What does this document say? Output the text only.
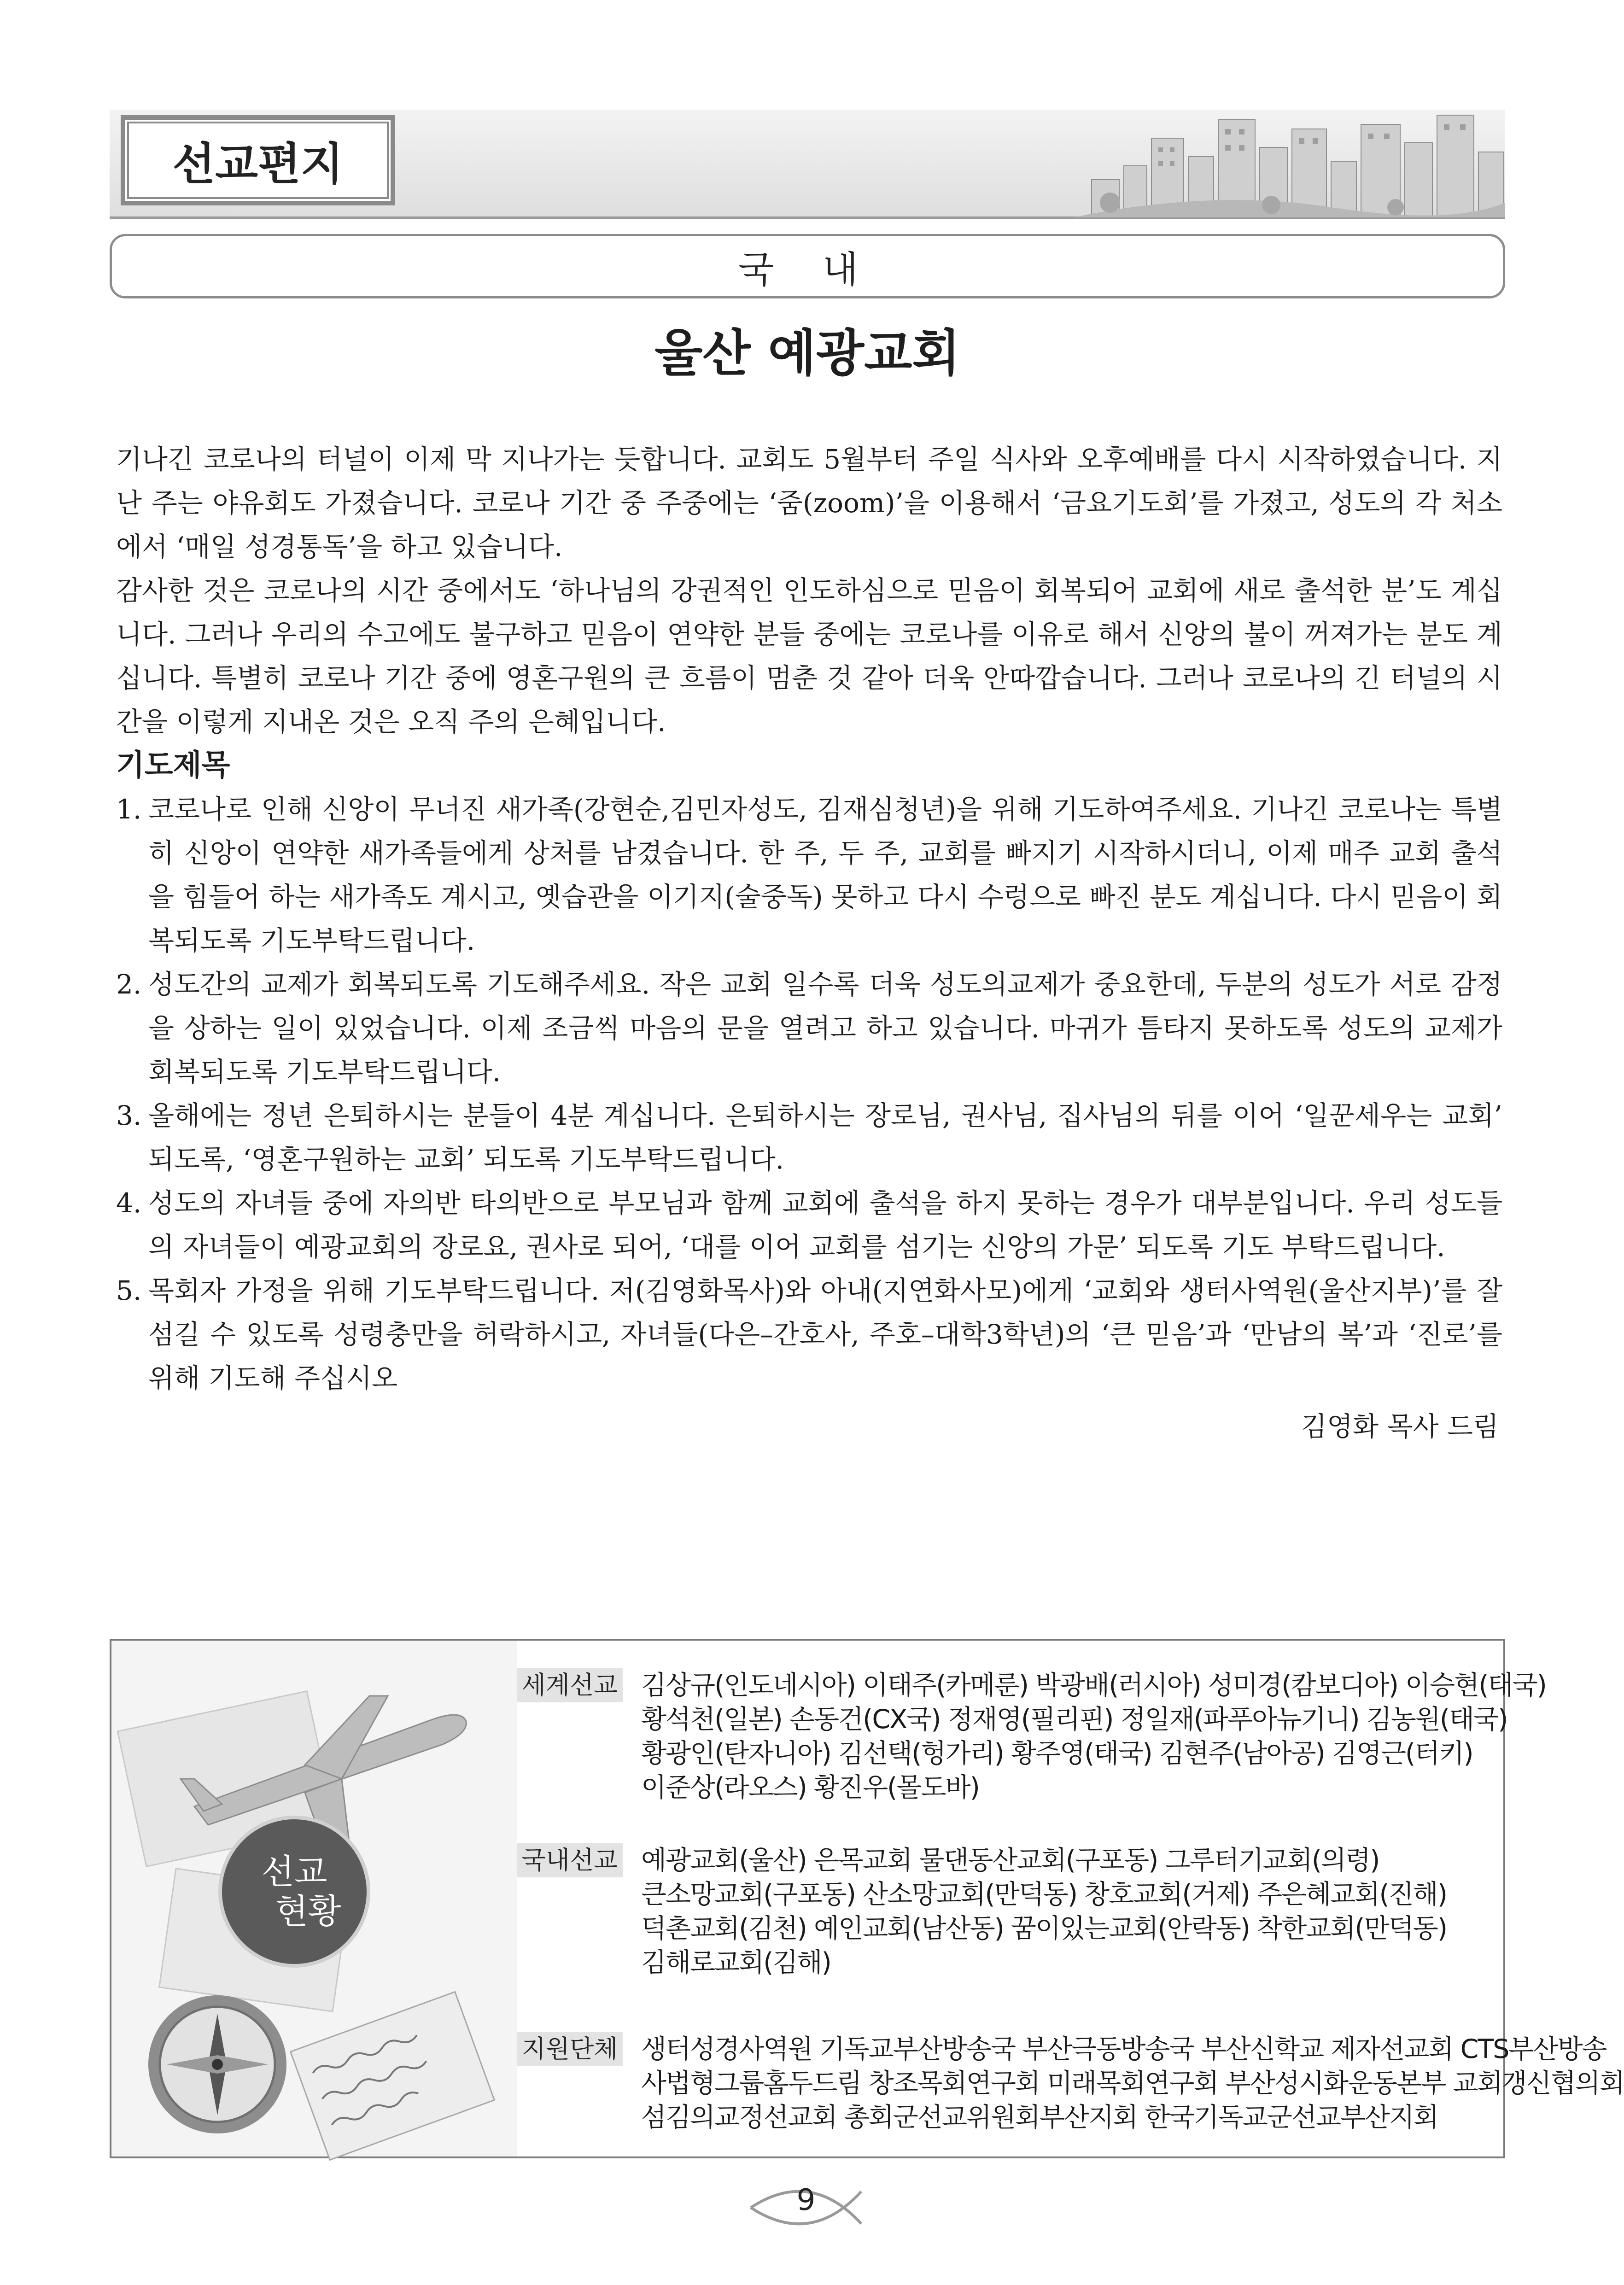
선교편지
국 내
울산 예광교회

기나긴 코로나의 터널이 이제 막 지나가는 듯합니다. 교회도 5월부터 주일 식사와 오후예배를 다시 시작하였습니다. 지난 주는 야유회도 가졌습니다. 코로나 기간 중 주중에는 ‘줌(zoom)’을 이용해서 ‘금요기도회’를 가졌고, 성도의 각 처소에서 ‘매일 성경통독’을 하고 있습니다.

감사한 것은 코로나의 시간 중에서도 ‘하나님의 강권적인 인도하심으로 믿음이 회복되어 교회에 새로 출석한 분’도 계십니다. 그러나 우리의 수고에도 불구하고 믿음이 연약한 분들 중에는 코로나를 이유로 해서 신앙의 불이 꺼져가는 분도 계십니다. 특별히 코로나 기간 중에 영혼구원의 큰 흐름이 멈춘 것 같아 더욱 안따깝습니다. 그러나 코로나의 긴 터널의 시간을 이렇게 지내온 것은 오직 주의 은혜입니다.

기도제목

1. 코로나로 인해 신앙이 무너진 새가족(강현순,김민자성도, 김재심청년)을 위해 기도하여주세요. 기나긴 코로나는 특별히 신앙이 연약한 새가족들에게 상처를 남겼습니다. 한 주, 두 주, 교회를 빠지기 시작하시더니, 이제 매주 교회 출석을 힘들어 하는 새가족도 계시고, 옛습관을 이기지(술중독) 못하고 다시 수렁으로 빠진 분도 계십니다. 다시 믿음이 회복되도록 기도부탁드립니다.
2. 성도간의 교제가 회복되도록 기도해주세요. 작은 교회 일수록 더욱 성도의교제가 중요한데, 두분의 성도가 서로 감정을 상하는 일이 있었습니다. 이제 조금씩 마음의 문을 열려고 하고 있습니다. 마귀가 틈타지 못하도록 성도의 교제가 회복되도록 기도부탁드립니다.
3. 올해에는 정년 은퇴하시는 분들이 4분 계십니다. 은퇴하시는 장로님, 권사님, 집사님의 뒤를 이어 ‘일꾼세우는 교회’ 되도록, ‘영혼구원하는 교회’ 되도록 기도부탁드립니다.
4. 성도의 자녀들 중에 자의반 타의반으로 부모님과 함께 교회에 출석을 하지 못하는 경우가 대부분입니다. 우리 성도들의 자녀들이 예광교회의 장로요, 권사로 되어, ‘대를 이어 교회를 섬기는 신앙의 가문’ 되도록 기도 부탁드립니다.
5. 목회자 가정을 위해 기도부탁드립니다. 저(김영화목사)와 아내(지연화사모)에게 ‘교회와 생터사역원(울산지부)’를 잘 섬길 수 있도록 성령충만을 허락하시고, 자녀들(다은–간호사, 주호–대학3학년)의 ‘큰 믿음’과 ‘만남의 복’과 ‘진로’를 위해 기도해 주십시오

김영화 목사 드림

선교
현황
세계선교 김상규(인도네시아) 이태주(카메룬) 박광배(러시아) 성미경(캄보디아) 이승현(태국)
황석천(일본) 손동건(CX국) 정재영(필리핀) 정일재(파푸아뉴기니) 김농원(태국)
황광인(탄자니아) 김선택(헝가리) 황주영(태국) 김현주(남아공) 김영근(터키)
이준상(라오스) 황진우(몰도바)
국내선교 예광교회(울산) 은목교회 물댄동산교회(구포동) 그루터기교회(의령)
큰소망교회(구포동) 산소망교회(만덕동) 창호교회(거제) 주은혜교회(진해)
덕촌교회(김천) 예인교회(남산동) 꿈이있는교회(안락동) 착한교회(만덕동)
김해로교회(김해)
지원단체 생터성경사역원 기독교부산방송국 부산극동방송국 부산신학교 제자선교회 CTS부산방송
사법형그룹홈두드림 창조목회연구회 미래목회연구회 부산성시화운동본부 교회갱신협의회
섬김의교정선교회 총회군선교위원회부산지회 한국기독교군선교부산지회
9
